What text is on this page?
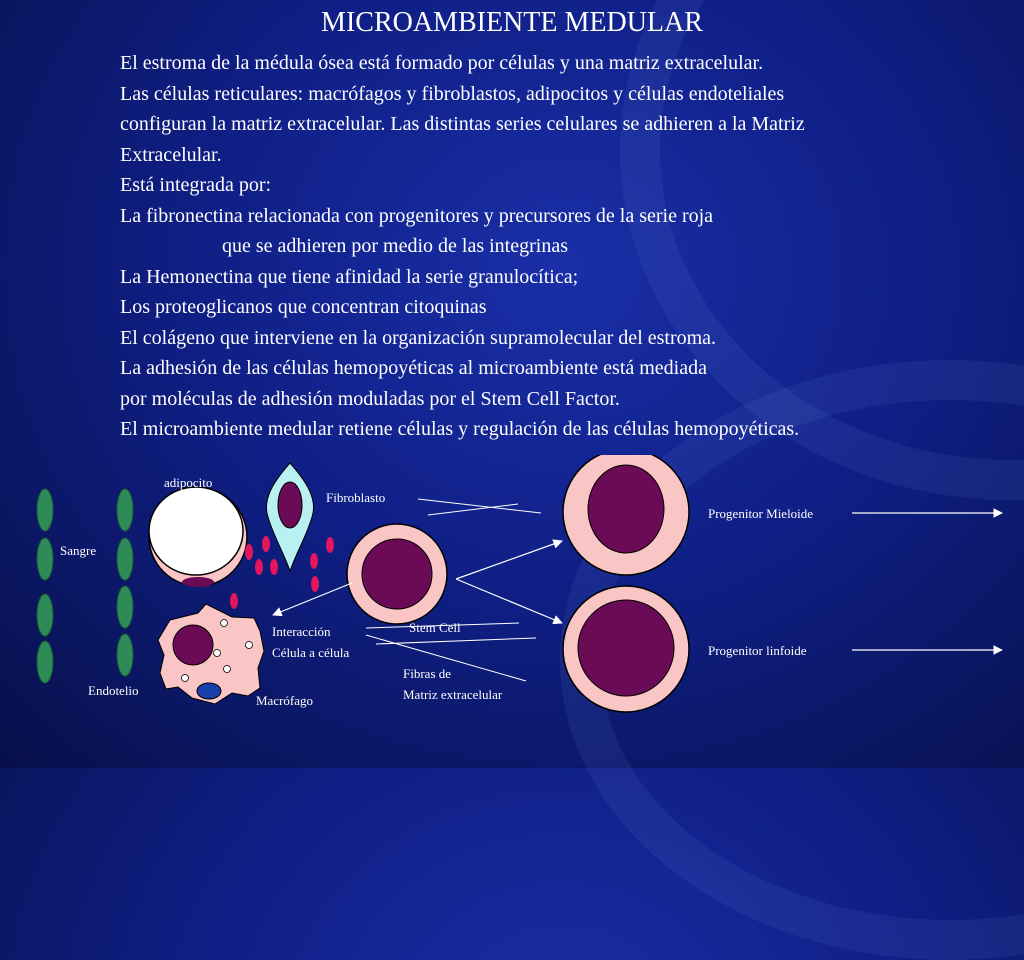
MICROAMBIENTE MEDULAR
El estroma de la médula ósea está formado por células y una matriz extracelular.
Las células reticulares: macrófagos y fibroblastos, adipocitos y células endoteliales
configuran la matriz extracelular. Las distintas series celulares se adhieren a la Matriz
Extracelular.
Está integrada por:
La fibronectina relacionada con progenitores y precursores de la serie roja
que se adhieren por medio de las integrinas
La Hemonectina que tiene afinidad la serie granulocítica;
Los proteoglicanos que concentran citoquinas
El colágeno que interviene en la organización supramolecular del estroma.
La adhesión de las células hemopoyéticas al microambiente está mediada
por moléculas de adhesión moduladas por el Stem Cell Factor.
El microambiente medular retiene células y regulación de las células hemopoyéticas.
adipocito
Fibroblasto
Sangre
Endotelio
Macrófago
Interacción
Célula a célula
Stem Cell
Fibras de
Matriz extracelular
Progenitor Mieloide
Progenitor linfoide
